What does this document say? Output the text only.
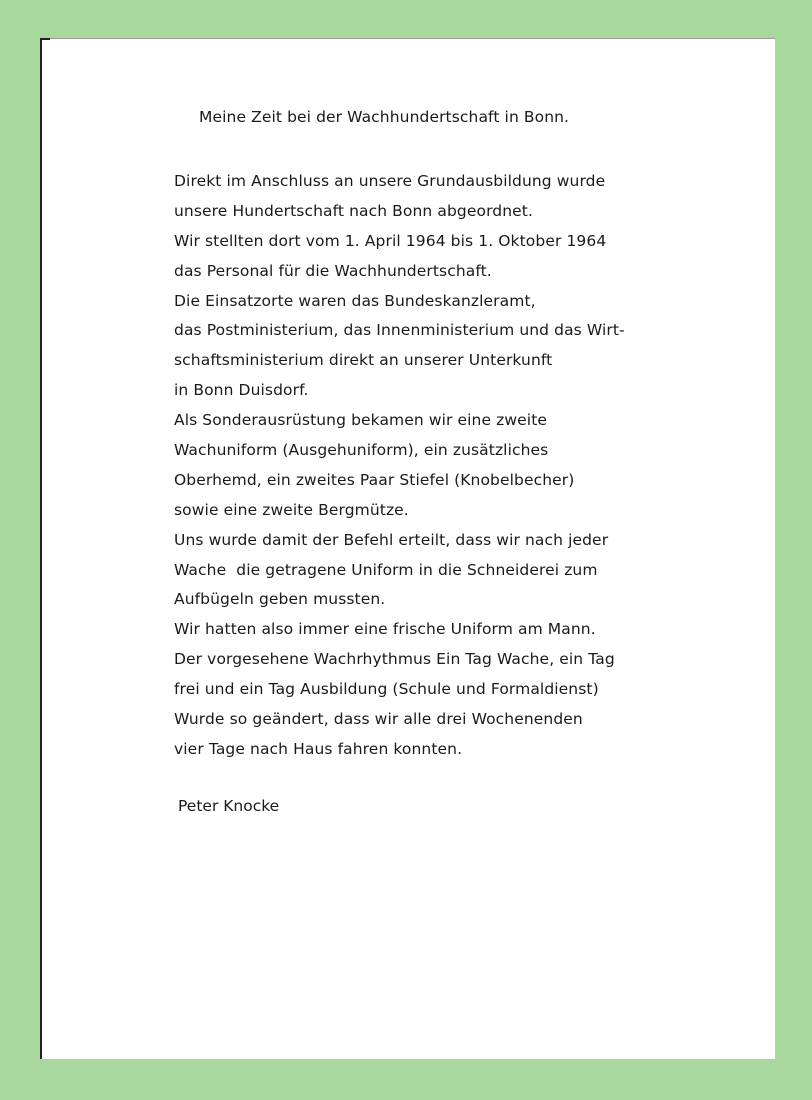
Meine Zeit bei der Wachhundertschaft in Bonn.
Direkt im Anschluss an unsere Grundausbildung wurde
unsere Hundertschaft nach Bonn abgeordnet.
Wir stellten dort vom 1. April 1964 bis 1. Oktober 1964
das Personal für die Wachhundertschaft.
Die Einsatzorte waren das Bundeskanzleramt,
das Postministerium, das Innenministerium und das Wirt-
schaftsministerium direkt an unserer Unterkunft
in Bonn Duisdorf.
Als Sonderausrüstung bekamen wir eine zweite
Wachuniform (Ausgehuniform), ein zusätzliches
Oberhemd, ein zweites Paar Stiefel (Knobelbecher)
sowie eine zweite Bergmütze.
Uns wurde damit der Befehl erteilt, dass wir nach jeder
Wache  die getragene Uniform in die Schneiderei zum
Aufbügeln geben mussten.
Wir hatten also immer eine frische Uniform am Mann.
Der vorgesehene Wachrhythmus Ein Tag Wache, ein Tag
frei und ein Tag Ausbildung (Schule und Formaldienst)
Wurde so geändert, dass wir alle drei Wochenenden
vier Tage nach Haus fahren konnten.
Peter Knocke
